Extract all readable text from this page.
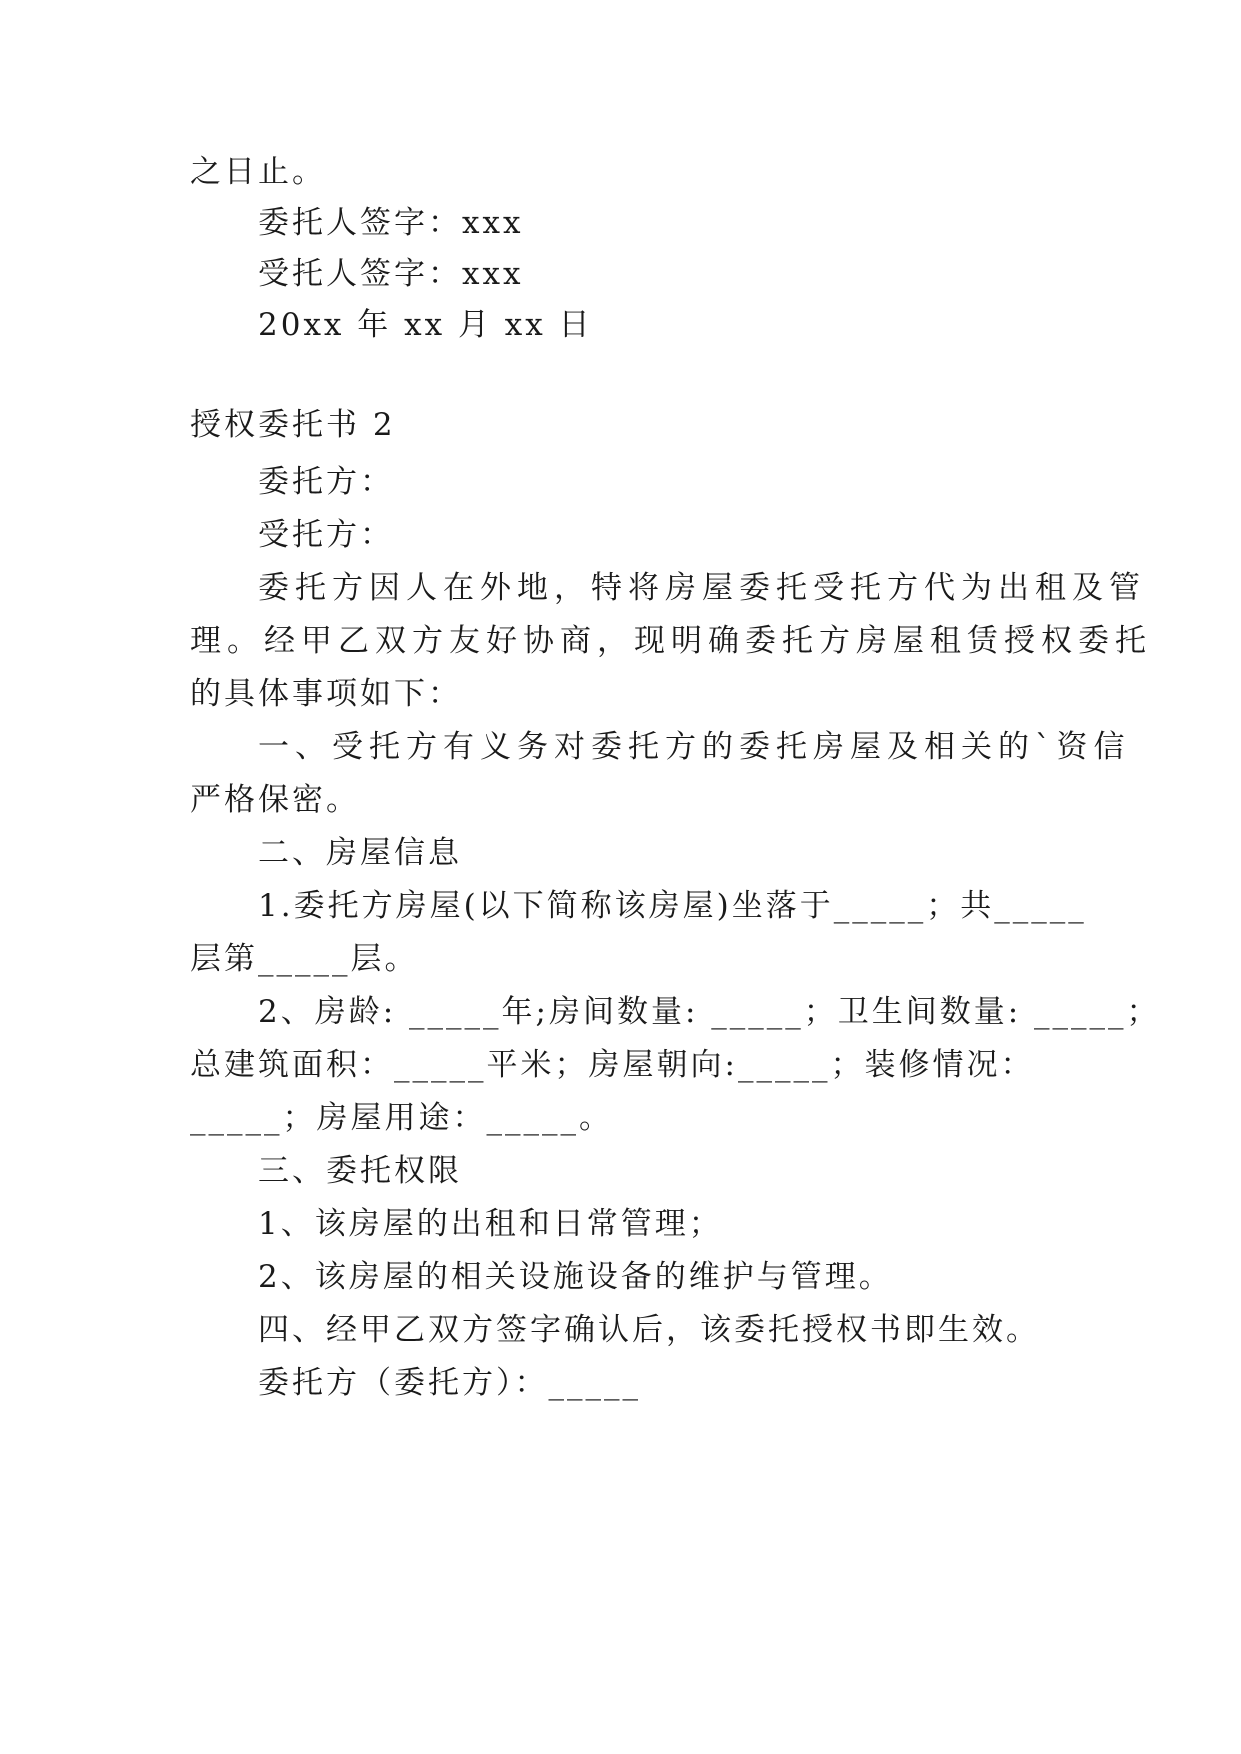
之日止。
委托人签字：xxx
受托人签字：xxx
20xx 年 xx 月 xx 日
授权委托书 2
委托方：
受托方：
委托方因人在外地，特将房屋委托受托方代为出租及管
理。经甲乙双方友好协商，现明确委托方房屋租赁授权委托
的具体事项如下：
一、受托方有义务对委托方的委托房屋及相关的`资信
严格保密。
二、房屋信息
1.委托方房屋(以下简称该房屋)坐落于_____；共_____
层第_____层。
2、房龄: _____年;房间数量: _____；卫生间数量: _____；
总建筑面积：_____平米；房屋朝向:_____；装修情况：
_____；房屋用途：_____。
三、委托权限
1、该房屋的出租和日常管理；
2、该房屋的相关设施设备的维护与管理。
四、经甲乙双方签字确认后，该委托授权书即生效。
委托方（委托方）：_____
